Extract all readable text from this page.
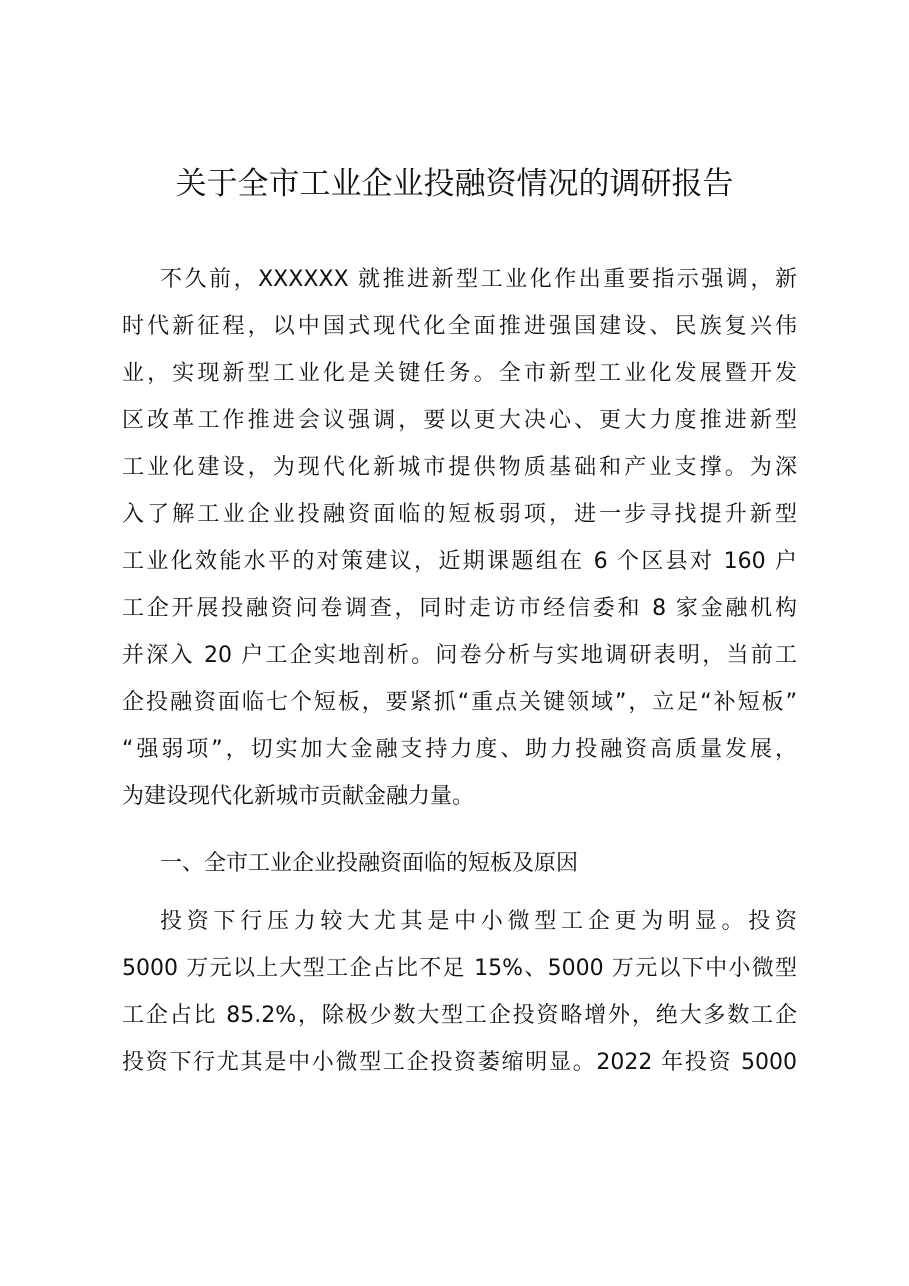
关于全市工业企业投融资情况的调研报告
不久前，XXXXXX 就推进新型工业化作出重要指示强调，新
时代新征程，以中国式现代化全面推进强国建设、民族复兴伟
业，实现新型工业化是关键任务。全市新型工业化发展暨开发
区改革工作推进会议强调，要以更大决心、更大力度推进新型
工业化建设，为现代化新城市提供物质基础和产业支撑。为深
入了解工业企业投融资面临的短板弱项，进一步寻找提升新型
工业化效能水平的对策建议，近期课题组在 6 个区县对 160 户
工企开展投融资问卷调查，同时走访市经信委和 8 家金融机构
并深入 20 户工企实地剖析。问卷分析与实地调研表明，当前工
企投融资面临七个短板，要紧抓“重点关键领域”，立足“补短板”
“强弱项”，切实加大金融支持力度、助力投融资高质量发展，
为建设现代化新城市贡献金融力量。

一、全市工业企业投融资面临的短板及原因

投资下行压力较大尤其是中小微型工企更为明显。投资
5000 万元以上大型工企占比不足 15%、5000 万元以下中小微型
工企占比 85.2%，除极少数大型工企投资略增外，绝大多数工企
投资下行尤其是中小微型工企投资萎缩明显。2022 年投资 5000
